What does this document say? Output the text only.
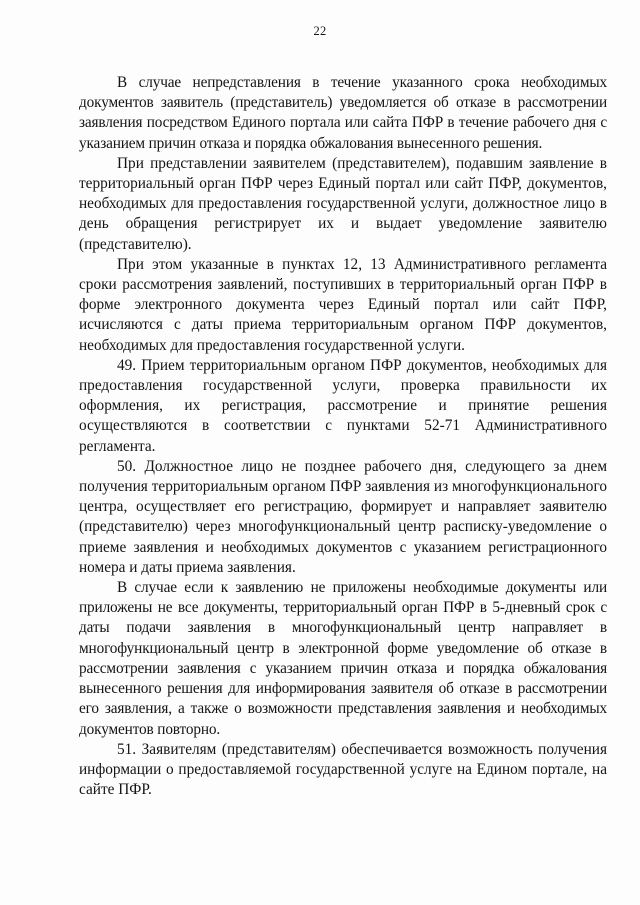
22

В случае непредставления в течение указанного срока необходимых документов заявитель (представитель) уведомляется об отказе в рассмотрении заявления посредством Единого портала или сайта ПФР в течение рабочего дня с указанием причин отказа и порядка обжалования вынесенного решения.

При представлении заявителем (представителем), подавшим заявление в территориальный орган ПФР через Единый портал или сайт ПФР, документов, необходимых для предоставления государственной услуги, должностное лицо в день обращения регистрирует их и выдает уведомление заявителю (представителю).

При этом указанные в пунктах 12, 13 Административного регламента сроки рассмотрения заявлений, поступивших в территориальный орган ПФР в форме электронного документа через Единый портал или сайт ПФР, исчисляются с даты приема территориальным органом ПФР документов, необходимых для предоставления государственной услуги.

49. Прием территориальным органом ПФР документов, необходимых для предоставления государственной услуги, проверка правильности их оформления, их регистрация, рассмотрение и принятие решения осуществляются в соответствии с пунктами 52-71 Административного регламента.

50. Должностное лицо не позднее рабочего дня, следующего за днем получения территориальным органом ПФР заявления из многофункционального центра, осуществляет его регистрацию, формирует и направляет заявителю (представителю) через многофункциональный центр расписку-уведомление о приеме заявления и необходимых документов с указанием регистрационного номера и даты приема заявления.

В случае если к заявлению не приложены необходимые документы или приложены не все документы, территориальный орган ПФР в 5-дневный срок с даты подачи заявления в многофункциональный центр направляет в многофункциональный центр в электронной форме уведомление об отказе в рассмотрении заявления с указанием причин отказа и порядка обжалования вынесенного решения для информирования заявителя об отказе в рассмотрении его заявления, а также о возможности представления заявления и необходимых документов повторно.

51. Заявителям (представителям) обеспечивается возможность получения информации о предоставляемой государственной услуге на Едином портале, на сайте ПФР.
